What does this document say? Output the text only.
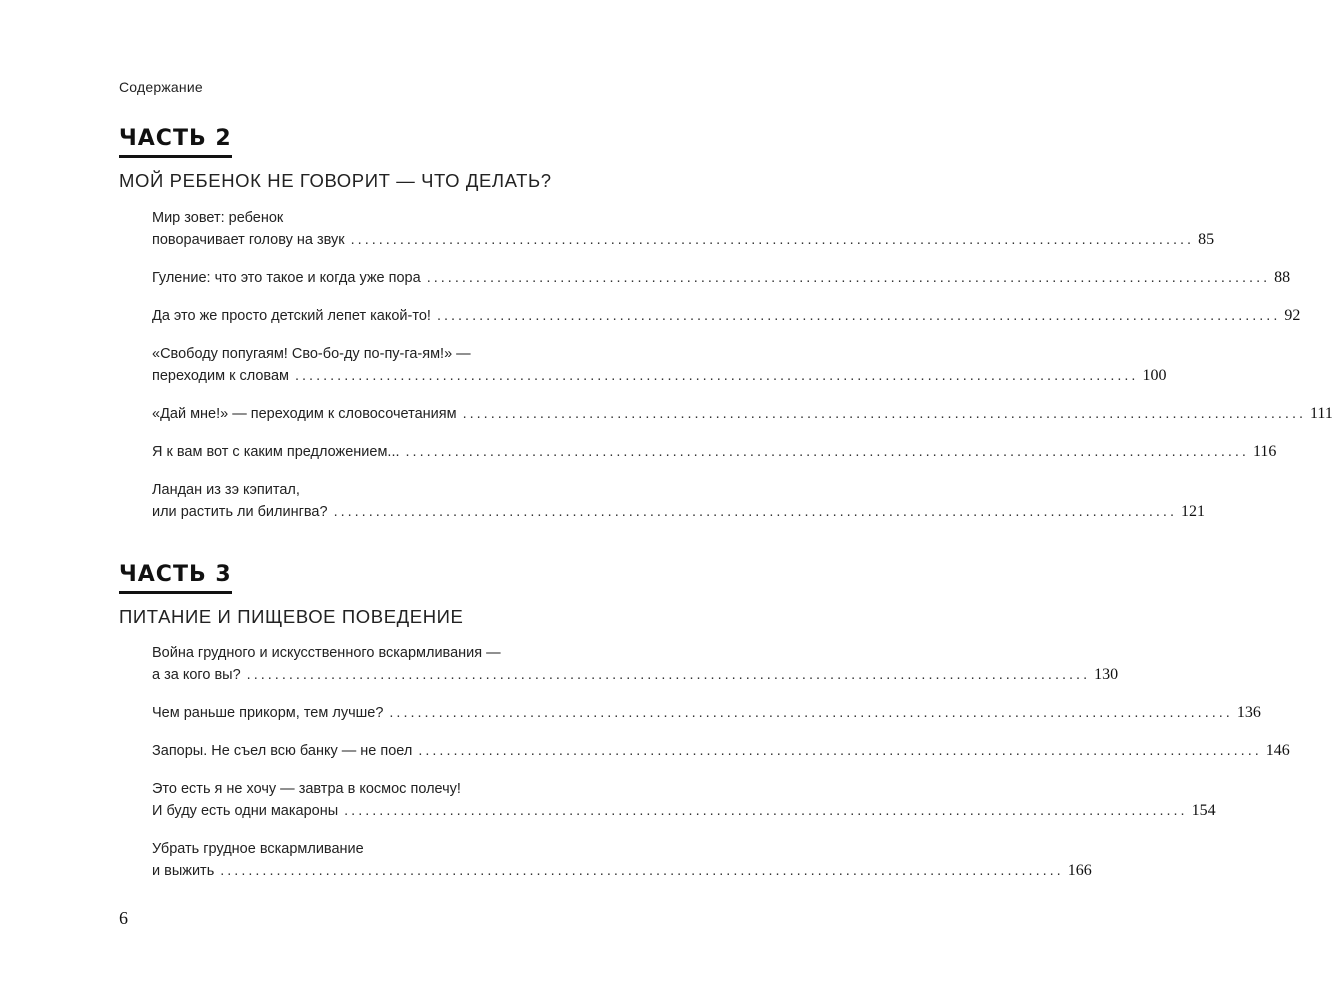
Содержание
ЧАСТЬ 2
МОЙ РЕБЕНОК НЕ ГОВОРИТ — ЧТО ДЕЛАТЬ?
Мир зовет: ребенок
поворачивает голову на звук ........................................................................................................................ 85
Гуление: что это такое и когда уже пора ........................................................................................................................ 88
Да это же просто детский лепет какой-то! ........................................................................................................................ 92
«Свободу попугаям! Сво-бо-ду по-пу-га-ям!» —
переходим к словам ........................................................................................................................ 100
«Дай мне!» — переходим к словосочетаниям ........................................................................................................................ 111
Я к вам вот с каким предложением... ........................................................................................................................ 116
Ландан из зэ кэпитал,
или растить ли билингва? ........................................................................................................................ 121
ЧАСТЬ 3
ПИТАНИЕ И ПИЩЕВОЕ ПОВЕДЕНИЕ
Война грудного и искусственного вскармливания —
а за кого вы? ........................................................................................................................ 130
Чем раньше прикорм, тем лучше? ........................................................................................................................ 136
Запоры. Не съел всю банку — не поел ........................................................................................................................ 146
Это есть я не хочу — завтра в космос полечу!
И буду есть одни макароны ........................................................................................................................ 154
Убрать грудное вскармливание
и выжить ........................................................................................................................ 166
6
